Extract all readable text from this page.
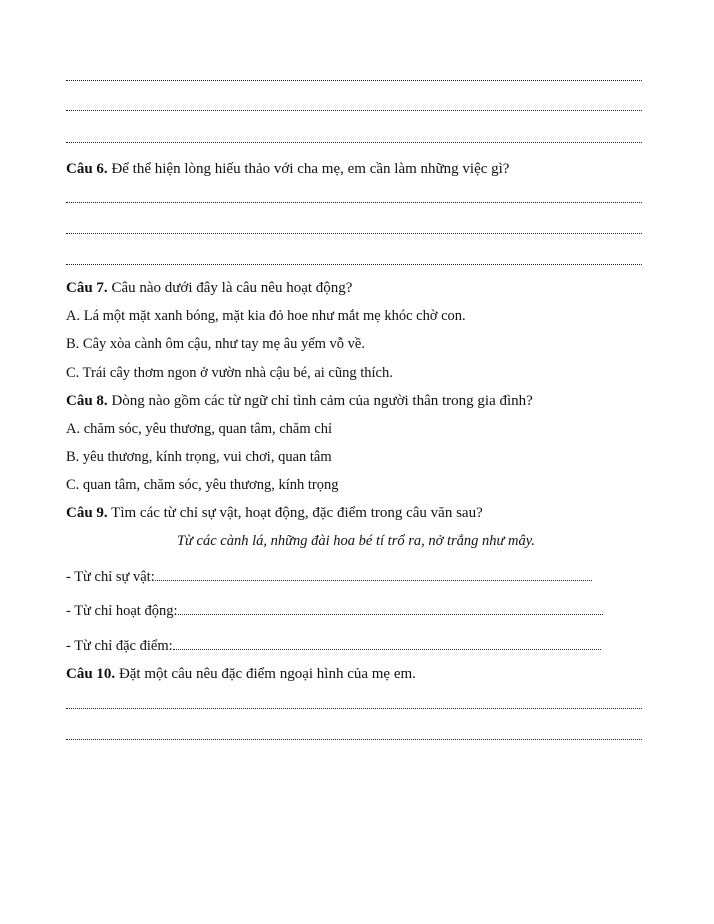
Câu 6. Để thể hiện lòng hiếu thảo với cha mẹ, em cần làm những việc gì?
Câu 7. Câu nào dưới đây là câu nêu hoạt động?
A. Lá một mặt xanh bóng, mặt kia đỏ hoe như mắt mẹ khóc chờ con.
B. Cây xòa cành ôm cậu, như tay mẹ âu yếm vỗ về.
C. Trái cây thơm ngon ở vườn nhà cậu bé, ai cũng thích.
Câu 8. Dòng nào gồm các từ ngữ chỉ tình cảm của người thân trong gia đình?
A. chăm sóc, yêu thương, quan tâm, chăm chỉ
B. yêu thương, kính trọng, vui chơi, quan tâm
C. quan tâm, chăm sóc, yêu thương, kính trọng
Câu 9. Tìm các từ chỉ sự vật, hoạt động, đặc điểm trong câu văn sau?
Từ các cành lá, những đài hoa bé tí trổ ra, nở trắng như mây.
- Từ chỉ sự vật:
- Từ chỉ hoạt động:
- Từ chỉ đặc điểm:
Câu 10. Đặt một câu nêu đặc điểm ngoại hình của mẹ em.
